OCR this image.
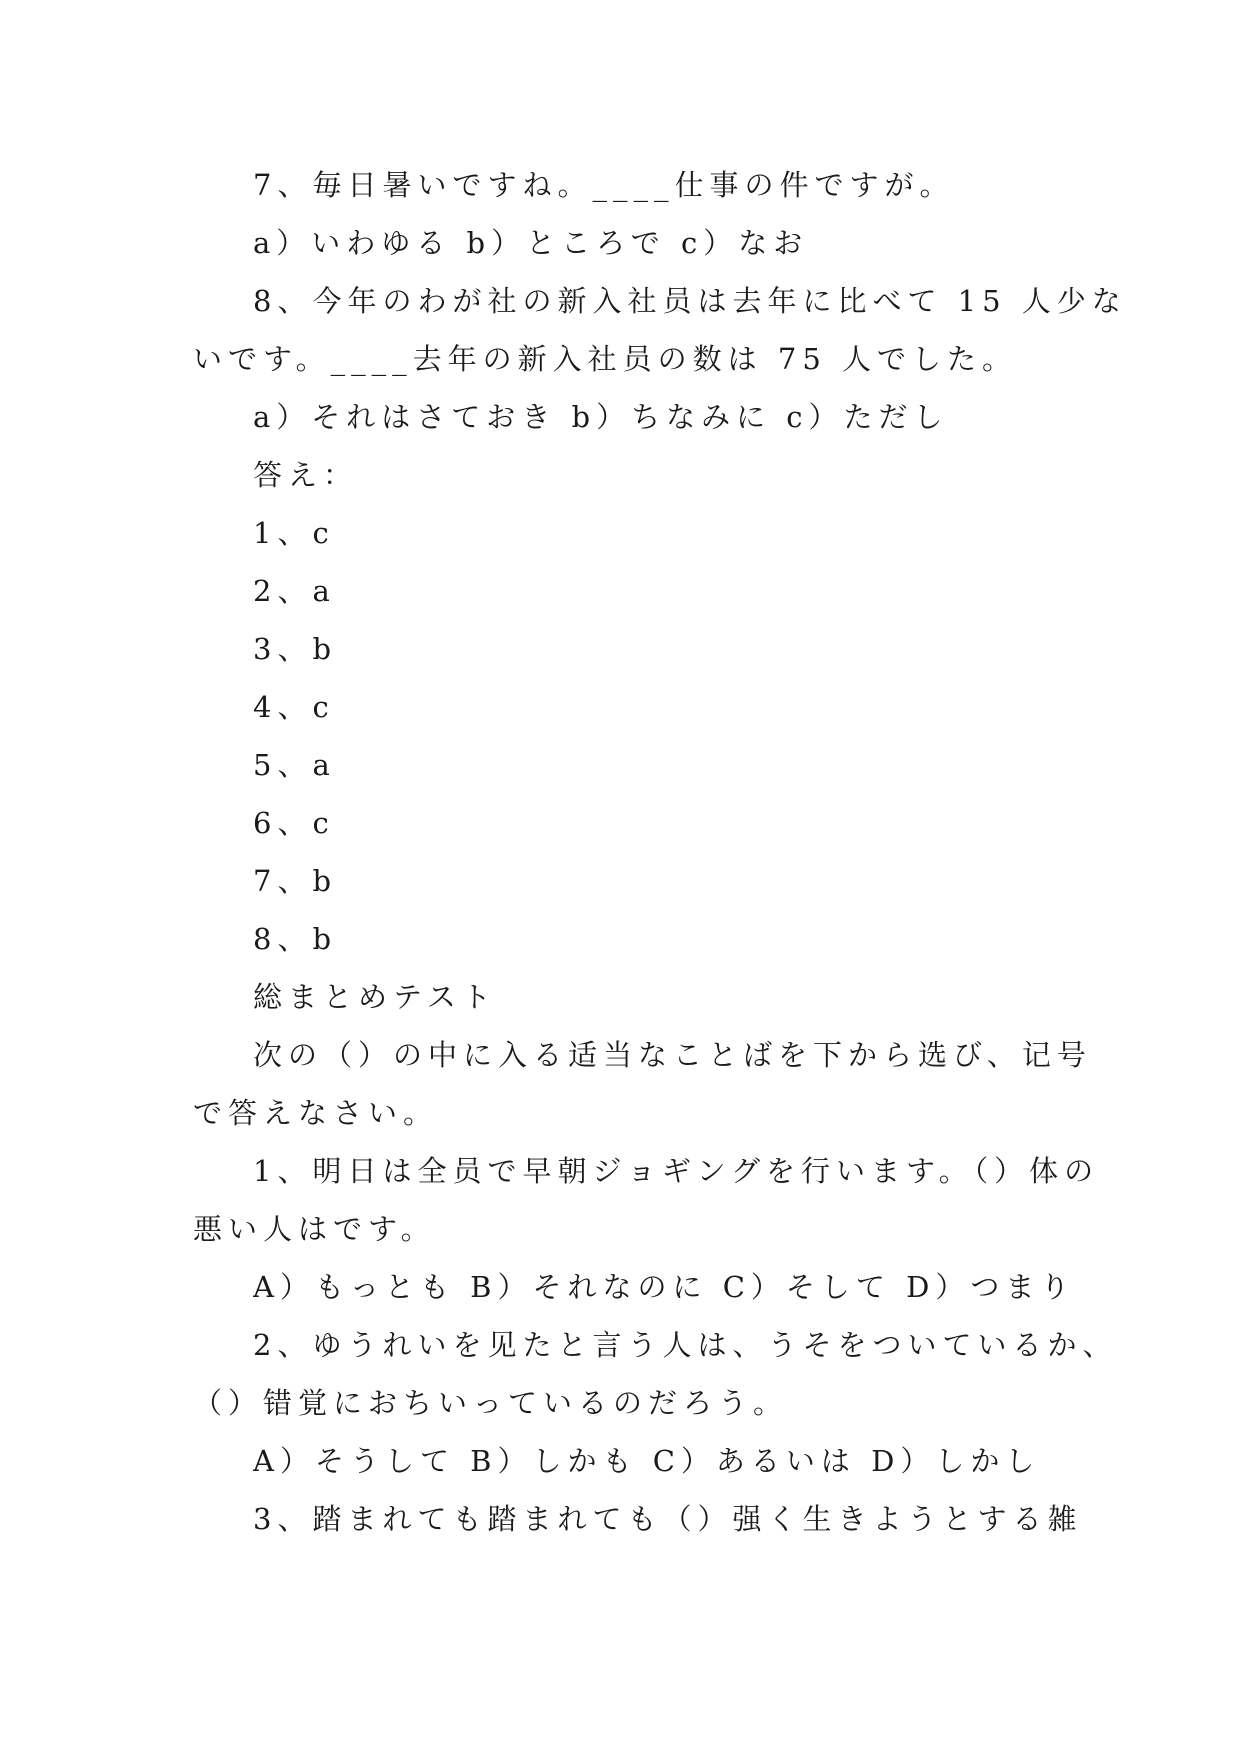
7、毎日暑いですね。____仕事の件ですが。
a）いわゆる b）ところで c）なお
8、今年のわが社の新入社员は去年に比べて 15 人少な
いです。____去年の新入社员の数は 75 人でした。
a）それはさておき b）ちなみに c）ただし
答え：
1、c
2、a
3、b
4、c
5、a
6、c
7、b
8、b
総まとめテスト
次の（）の中に入る适当なことばを下から选び、记号
で答えなさい。
1、明日は全员で早朝ジョギングを行います。（）体の
悪い人はです。
A）もっとも B）それなのに C）そして D）つまり
2、ゆうれいを见たと言う人は、うそをついているか、
（）错覚におちいっているのだろう。
A）そうして B）しかも C）あるいは D）しかし
3、踏まれても踏まれても（）强く生きようとする雑
